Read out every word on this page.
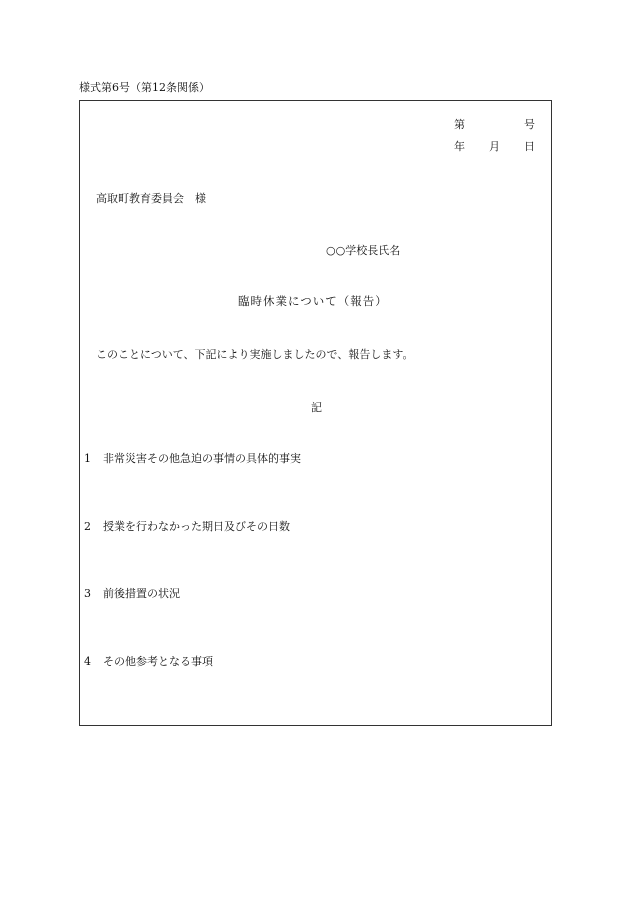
様式第6号（第12条関係）
第	号
年 月 日
高取町教育委員会　様
○○学校長氏名
臨時休業について（報告）
このことについて、下記により実施しましたので、報告します。
記
1 非常災害その他急迫の事情の具体的事実
2 授業を行わなかった期日及びその日数
3 前後措置の状況
4 その他参考となる事項
